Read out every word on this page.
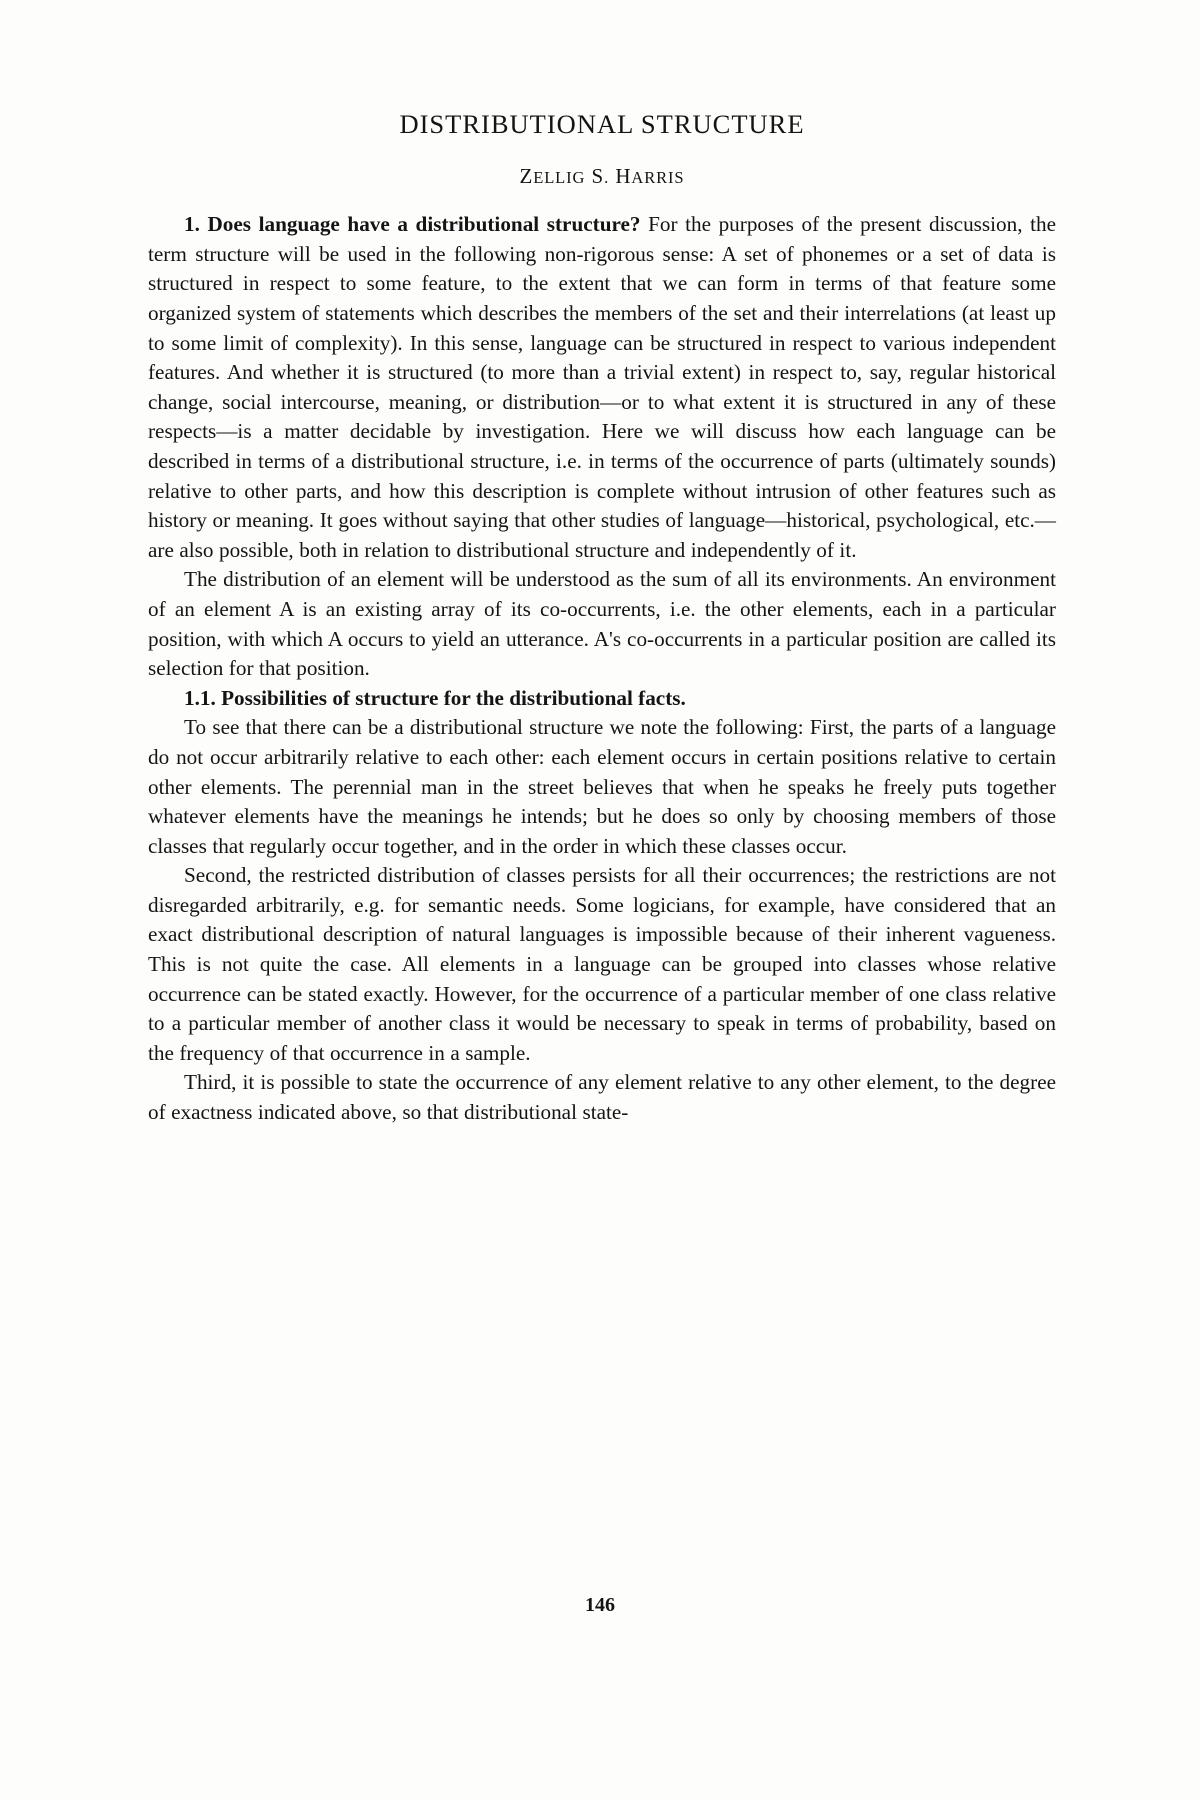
DISTRIBUTIONAL STRUCTURE
ZELLIG S. HARRIS

1. Does language have a distributional structure? For the purposes of the present discussion, the term structure will be used in the following non-rigorous sense: A set of phonemes or a set of data is structured in respect to some feature, to the extent that we can form in terms of that feature some organized system of statements which describes the members of the set and their interrelations (at least up to some limit of complexity). In this sense, language can be structured in respect to various independent features. And whether it is structured (to more than a trivial extent) in respect to, say, regular historical change, social intercourse, meaning, or distribution—or to what extent it is structured in any of these respects—is a matter decidable by investigation. Here we will discuss how each language can be described in terms of a distributional structure, i.e. in terms of the occurrence of parts (ultimately sounds) relative to other parts, and how this description is complete without intrusion of other features such as history or meaning. It goes without saying that other studies of language—historical, psychological, etc.—are also possible, both in relation to distributional structure and independently of it.

The distribution of an element will be understood as the sum of all its environments. An environment of an element A is an existing array of its co-occurrents, i.e. the other elements, each in a particular position, with which A occurs to yield an utterance. A's co-occurrents in a particular position are called its selection for that position.

1.1. Possibilities of structure for the distributional facts.

To see that there can be a distributional structure we note the following: First, the parts of a language do not occur arbitrarily relative to each other: each element occurs in certain positions relative to certain other elements. The perennial man in the street believes that when he speaks he freely puts together whatever elements have the meanings he intends; but he does so only by choosing members of those classes that regularly occur together, and in the order in which these classes occur.

Second, the restricted distribution of classes persists for all their occurrences; the restrictions are not disregarded arbitrarily, e.g. for semantic needs. Some logicians, for example, have considered that an exact distributional description of natural languages is impossible because of their inherent vagueness. This is not quite the case. All elements in a language can be grouped into classes whose relative occurrence can be stated exactly. However, for the occurrence of a particular member of one class relative to a particular member of another class it would be necessary to speak in terms of probability, based on the frequency of that occurrence in a sample.

Third, it is possible to state the occurrence of any element relative to any other element, to the degree of exactness indicated above, so that distributional state-

146
